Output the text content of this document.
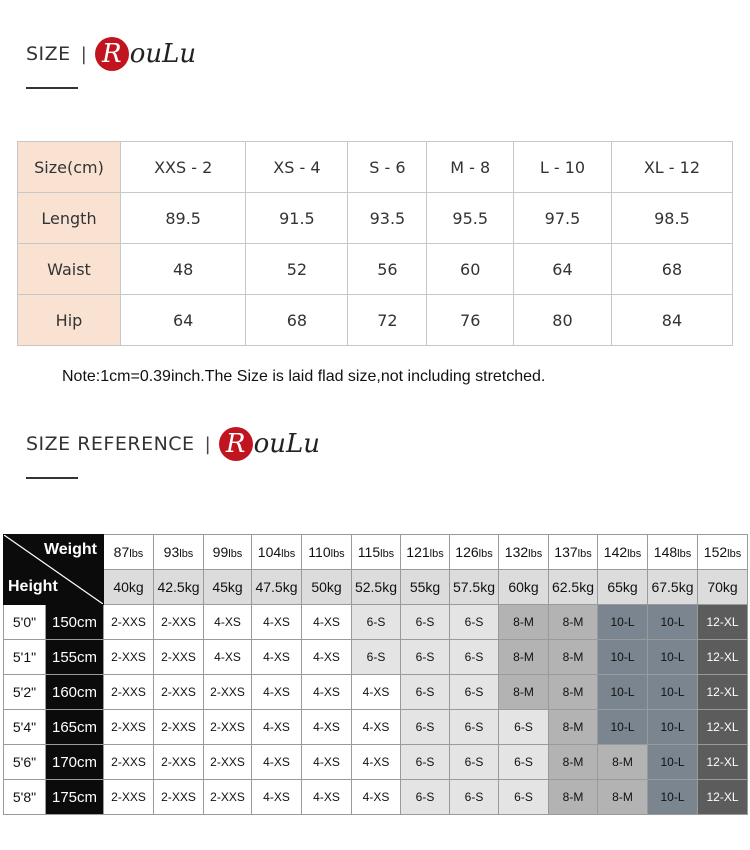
SIZE | R ouLu
Size(cm)	XXS - 2	XS - 4	S - 6	M - 8	L - 10	XL - 12
Length	89.5	91.5	93.5	95.5	97.5	98.5
Waist	48	52	56	60	64	68
Hip	64	68	72	76	80	84
Note:1cm=0.39inch.The Size is laid flad size,not including stretched.
SIZE REFERENCE | R ouLu
Weight
Height		87lbs	93lbs	99lbs	104lbs	110lbs	115lbs	121lbs	126lbs	132lbs	137lbs	142lbs	148lbs	152lbs
		40kg	42.5kg	45kg	47.5kg	50kg	52.5kg	55kg	57.5kg	60kg	62.5kg	65kg	67.5kg	70kg
5'0"	150cm	2-XXS	2-XXS	4-XS	4-XS	4-XS	6-S	6-S	6-S	8-M	8-M	10-L	10-L	12-XL
5'1"	155cm	2-XXS	2-XXS	4-XS	4-XS	4-XS	6-S	6-S	6-S	8-M	8-M	10-L	10-L	12-XL
5'2"	160cm	2-XXS	2-XXS	2-XXS	4-XS	4-XS	4-XS	6-S	6-S	8-M	8-M	10-L	10-L	12-XL
5'4"	165cm	2-XXS	2-XXS	2-XXS	4-XS	4-XS	4-XS	6-S	6-S	6-S	8-M	10-L	10-L	12-XL
5'6"	170cm	2-XXS	2-XXS	2-XXS	4-XS	4-XS	4-XS	6-S	6-S	6-S	8-M	8-M	10-L	12-XL
5'8"	175cm	2-XXS	2-XXS	2-XXS	4-XS	4-XS	4-XS	6-S	6-S	6-S	8-M	8-M	10-L	12-XL
